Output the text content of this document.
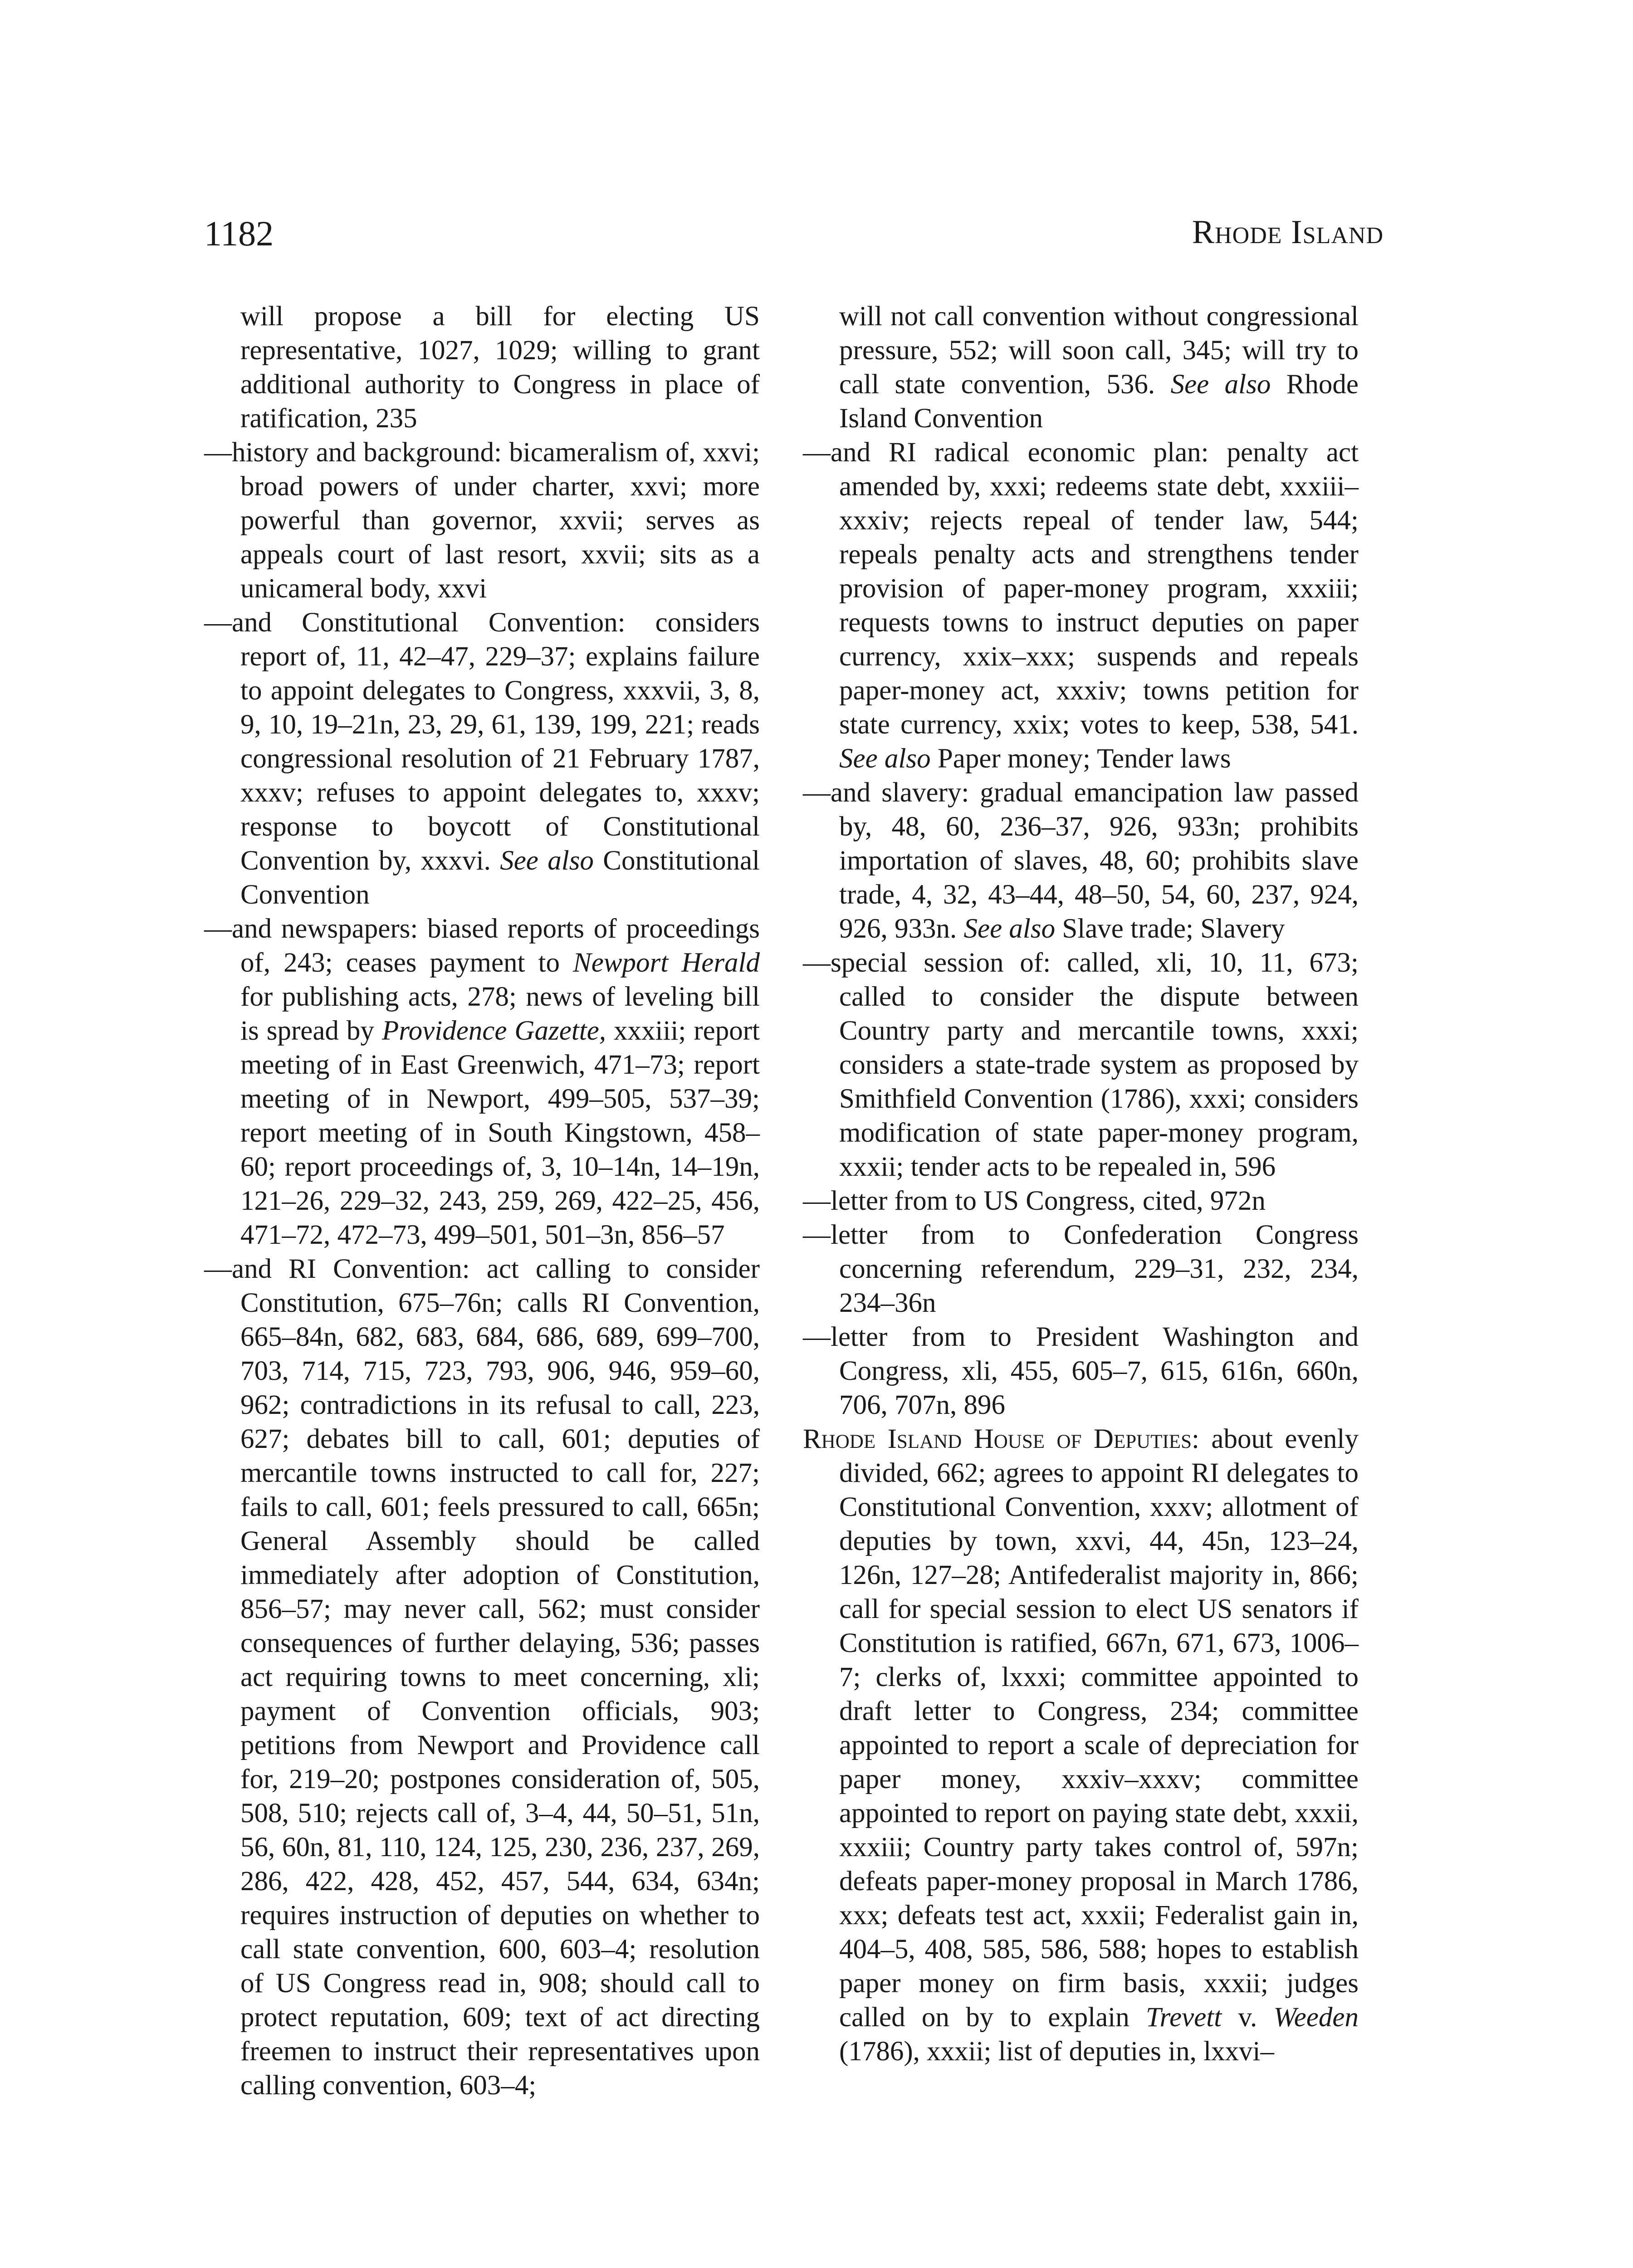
1182	Rhode Island

will propose a bill for electing US representative, 1027, 1029; willing to grant additional authority to Congress in place of ratification, 235

—history and background: bicameralism of, xxvi; broad powers of under charter, xxvi; more powerful than governor, xxvii; serves as appeals court of last resort, xxvii; sits as a unicameral body, xxvi

—and Constitutional Convention: considers report of, 11, 42–47, 229–37; explains failure to appoint delegates to Congress, xxxvii, 3, 8, 9, 10, 19–21n, 23, 29, 61, 139, 199, 221; reads congressional resolution of 21 February 1787, xxxv; refuses to appoint delegates to, xxxv; response to boycott of Constitutional Convention by, xxxvi. See also Constitutional Convention

—and newspapers: biased reports of proceedings of, 243; ceases payment to Newport Herald for publishing acts, 278; news of leveling bill is spread by Providence Gazette, xxxiii; report meeting of in East Greenwich, 471–73; report meeting of in Newport, 499–505, 537–39; report meeting of in South Kingstown, 458–60; report proceedings of, 3, 10–14n, 14–19n, 121–26, 229–32, 243, 259, 269, 422–25, 456, 471–72, 472–73, 499–501, 501–3n, 856–57

—and RI Convention: act calling to consider Constitution, 675–76n; calls RI Convention, 665–84n, 682, 683, 684, 686, 689, 699–700, 703, 714, 715, 723, 793, 906, 946, 959–60, 962; contradictions in its refusal to call, 223, 627; debates bill to call, 601; deputies of mercantile towns instructed to call for, 227; fails to call, 601; feels pressured to call, 665n; General Assembly should be called immediately after adoption of Constitution, 856–57; may never call, 562; must consider consequences of further delaying, 536; passes act requiring towns to meet concerning, xli; payment of Convention officials, 903; petitions from Newport and Providence call for, 219–20; postpones consideration of, 505, 508, 510; rejects call of, 3–4, 44, 50–51, 51n, 56, 60n, 81, 110, 124, 125, 230, 236, 237, 269, 286, 422, 428, 452, 457, 544, 634, 634n; requires instruction of deputies on whether to call state convention, 600, 603–4; resolution of US Congress read in, 908; should call to protect reputation, 609; text of act directing freemen to instruct their representatives upon calling convention, 603–4;

will not call convention without congressional pressure, 552; will soon call, 345; will try to call state convention, 536. See also Rhode Island Convention

—and RI radical economic plan: penalty act amended by, xxxi; redeems state debt, xxxiii–xxxiv; rejects repeal of tender law, 544; repeals penalty acts and strengthens tender provision of paper-money program, xxxiii; requests towns to instruct deputies on paper currency, xxix–xxx; suspends and repeals paper-money act, xxxiv; towns petition for state currency, xxix; votes to keep, 538, 541. See also Paper money; Tender laws

—and slavery: gradual emancipation law passed by, 48, 60, 236–37, 926, 933n; prohibits importation of slaves, 48, 60; prohibits slave trade, 4, 32, 43–44, 48–50, 54, 60, 237, 924, 926, 933n. See also Slave trade; Slavery

—special session of: called, xli, 10, 11, 673; called to consider the dispute between Country party and mercantile towns, xxxi; considers a state-trade system as proposed by Smithfield Convention (1786), xxxi; considers modification of state paper-money program, xxxii; tender acts to be repealed in, 596

—letter from to US Congress, cited, 972n

—letter from to Confederation Congress concerning referendum, 229–31, 232, 234, 234–36n

—letter from to President Washington and Congress, xli, 455, 605–7, 615, 616n, 660n, 706, 707n, 896

Rhode Island House of Deputies: about evenly divided, 662; agrees to appoint RI delegates to Constitutional Convention, xxxv; allotment of deputies by town, xxvi, 44, 45n, 123–24, 126n, 127–28; Antifederalist majority in, 866; call for special session to elect US senators if Constitution is ratified, 667n, 671, 673, 1006–7; clerks of, lxxxi; committee appointed to draft letter to Congress, 234; committee appointed to report a scale of depreciation for paper money, xxxiv–xxxv; committee appointed to report on paying state debt, xxxii, xxxiii; Country party takes control of, 597n; defeats paper-money proposal in March 1786, xxx; defeats test act, xxxii; Federalist gain in, 404–5, 408, 585, 586, 588; hopes to establish paper money on firm basis, xxxii; judges called on by to explain Trevett v. Weeden (1786), xxxii; list of deputies in, lxxvi–
